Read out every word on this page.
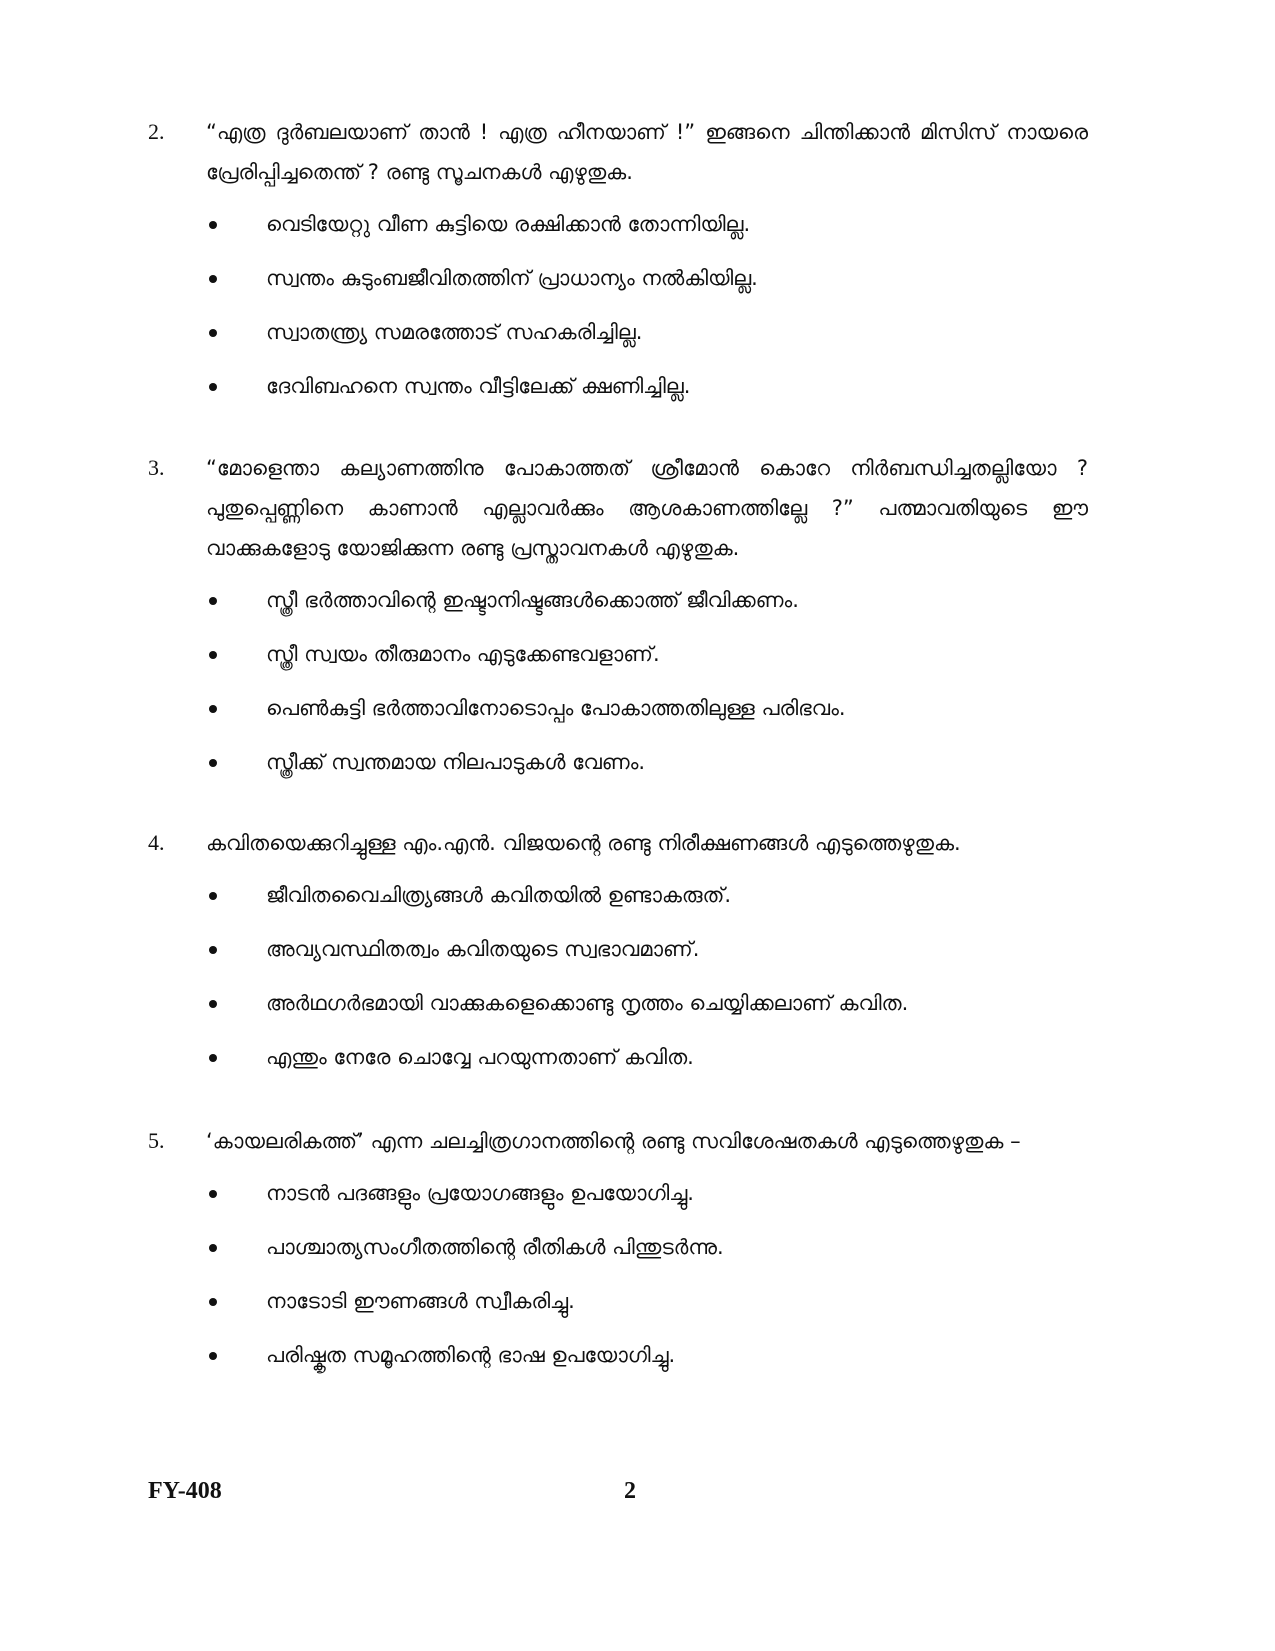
2. “എത്ര ദുർബലയാണ് താൻ ! എത്ര ഹീനയാണ് !” ഇങ്ങനെ ചിന്തിക്കാൻ മിസിസ് നായരെ പ്രേരിപ്പിച്ചതെന്ത് ? രണ്ടു സൂചനകൾ എഴുതുക.
വെടിയേറ്റു വീണ കുട്ടിയെ രക്ഷിക്കാൻ തോന്നിയില്ല.
സ്വന്തം കുടുംബജീവിതത്തിന് പ്രാധാന്യം നൽകിയില്ല.
സ്വാതന്ത്ര്യ സമരത്തോട് സഹകരിച്ചില്ല.
ദേവിബഹനെ സ്വന്തം വീട്ടിലേക്ക് ക്ഷണിച്ചില്ല.
3. “മോളെന്താ കല്യാണത്തിനു പോകാത്തത് ശ്രീമോൻ കൊറേ നിർബന്ധിച്ചതല്ലിയോ ? പുതുപ്പെണ്ണിനെ കാണാൻ എല്ലാവർക്കും ആശകാണത്തില്ലേ ?” പത്മാവതിയുടെ ഈ വാക്കുകളോടു യോജിക്കുന്ന രണ്ടു പ്രസ്താവനകൾ എഴുതുക.
സ്ത്രീ ഭർത്താവിന്റെ ഇഷ്ടാനിഷ്ടങ്ങൾക്കൊത്ത് ജീവിക്കണം.
സ്ത്രീ സ്വയം തീരുമാനം എടുക്കേണ്ടവളാണ്.
പെൺകുട്ടി ഭർത്താവിനോടൊപ്പം പോകാത്തതിലുള്ള പരിഭവം.
സ്ത്രീക്ക് സ്വന്തമായ നിലപാടുകൾ വേണം.
4. കവിതയെക്കുറിച്ചുള്ള എം.എൻ. വിജയന്റെ രണ്ടു നിരീക്ഷണങ്ങൾ എടുത്തെഴുതുക.
ജീവിതവൈചിത്ര്യങ്ങൾ കവിതയിൽ ഉണ്ടാകരുത്.
അവ്യവസ്ഥിതത്വം കവിതയുടെ സ്വഭാവമാണ്.
അർഥഗർഭമായി വാക്കുകളെക്കൊണ്ടു നൃത്തം ചെയ്യിക്കലാണ് കവിത.
എന്തും നേരേ ചൊവ്വേ പറയുന്നതാണ് കവിത.
5. ‘കായലരികത്ത്’ എന്ന ചലച്ചിത്രഗാനത്തിന്റെ രണ്ടു സവിശേഷതകൾ എടുത്തെഴുതുക –
നാടൻ പദങ്ങളും പ്രയോഗങ്ങളും ഉപയോഗിച്ചു.
പാശ്ചാത്യസംഗീതത്തിന്റെ രീതികൾ പിന്തുടർന്നു.
നാടോടി ഈണങ്ങൾ സ്വീകരിച്ചു.
പരിഷ്കൃത സമൂഹത്തിന്റെ ഭാഷ ഉപയോഗിച്ചു.
FY-408	2
